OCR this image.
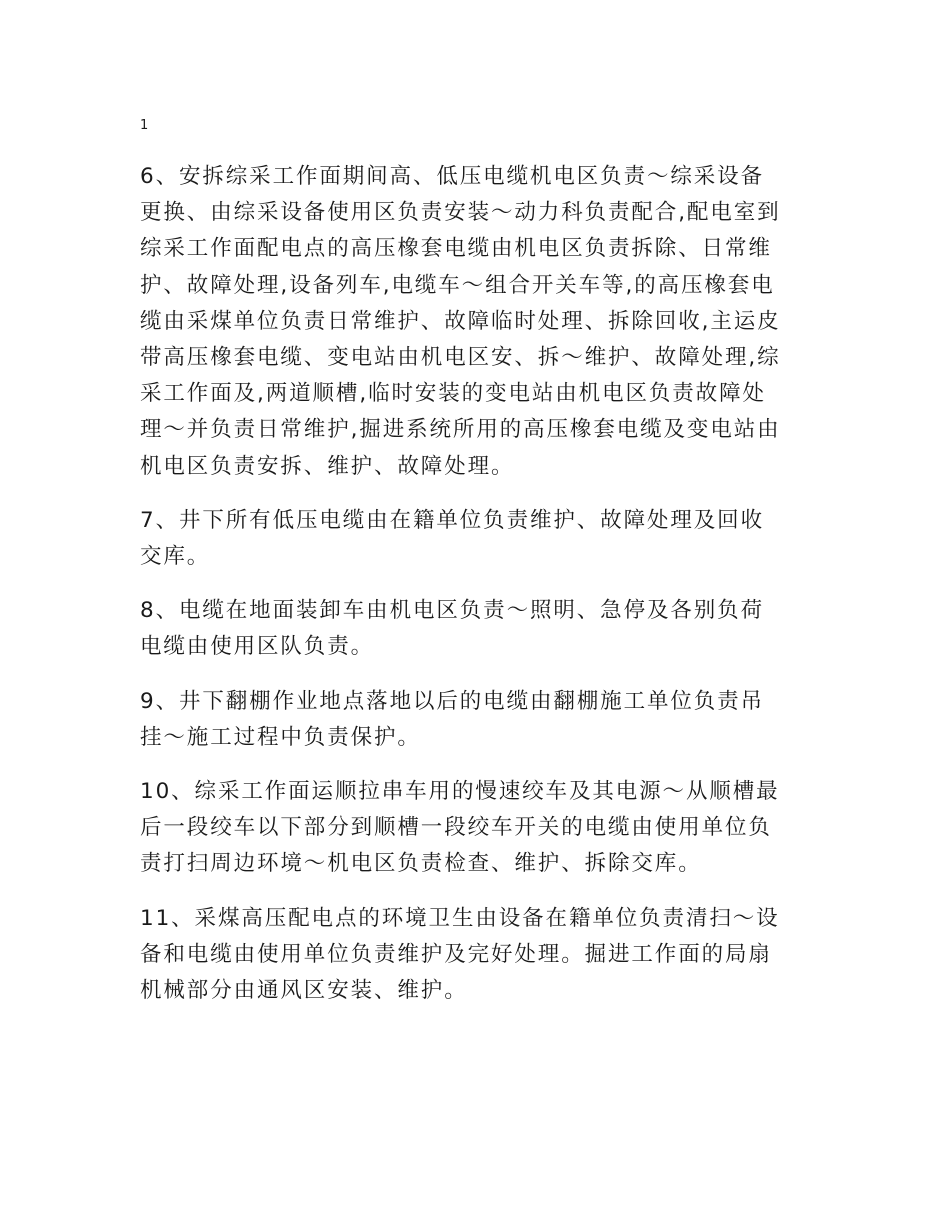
1

6、安拆综采工作面期间高、低压电缆机电区负责～综采设备
更换、由综采设备使用区负责安装～动力科负责配合,配电室到
综采工作面配电点的高压橡套电缆由机电区负责拆除、日常维
护、故障处理,设备列车,电缆车～组合开关车等,的高压橡套电
缆由采煤单位负责日常维护、故障临时处理、拆除回收,主运皮
带高压橡套电缆、变电站由机电区安、拆～维护、故障处理,综
采工作面及,两道顺槽,临时安装的变电站由机电区负责故障处
理～并负责日常维护,掘进系统所用的高压橡套电缆及变电站由
机电区负责安拆、维护、故障处理。

7、井下所有低压电缆由在籍单位负责维护、故障处理及回收
交库。

8、电缆在地面装卸车由机电区负责～照明、急停及各别负荷
电缆由使用区队负责。

9、井下翻棚作业地点落地以后的电缆由翻棚施工单位负责吊
挂～施工过程中负责保护。

10、综采工作面运顺拉串车用的慢速绞车及其电源～从顺槽最
后一段绞车以下部分到顺槽一段绞车开关的电缆由使用单位负
责打扫周边环境～机电区负责检查、维护、拆除交库。

11、采煤高压配电点的环境卫生由设备在籍单位负责清扫～设
备和电缆由使用单位负责维护及完好处理。掘进工作面的局扇
机械部分由通风区安装、维护。
